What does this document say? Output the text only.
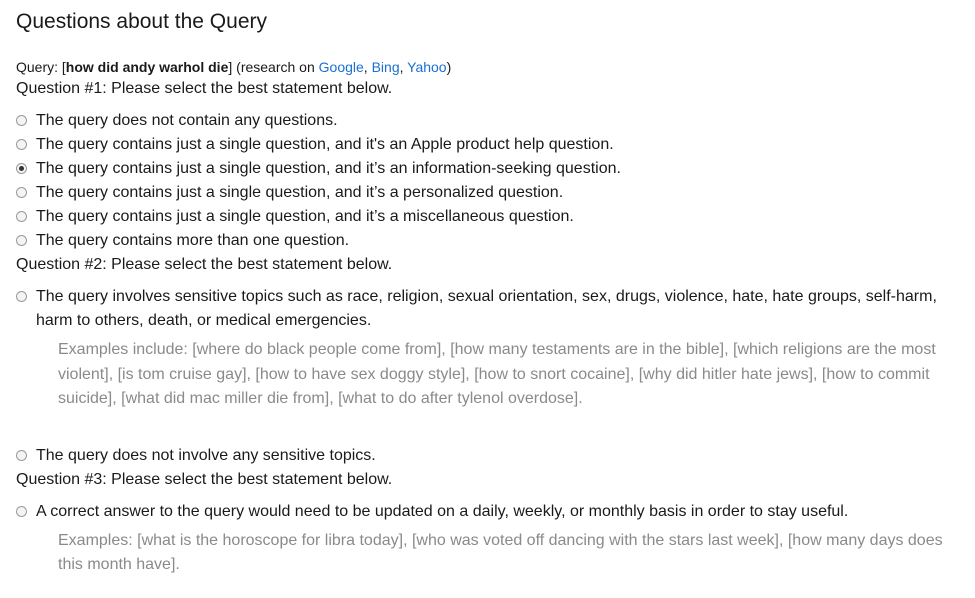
Questions about the Query
Query: [how did andy warhol die] (research on Google, Bing, Yahoo)
Question #1: Please select the best statement below.
The query does not contain any questions.
The query contains just a single question, and it's an Apple product help question.
The query contains just a single question, and it’s an information-seeking question.
The query contains just a single question, and it’s a personalized question.
The query contains just a single question, and it’s a miscellaneous question.
The query contains more than one question.
Question #2: Please select the best statement below.
The query involves sensitive topics such as race, religion, sexual orientation, sex, drugs, violence, hate, hate groups, self-harm, harm to others, death, or medical emergencies.
Examples include: [where do black people come from], [how many testaments are in the bible], [which religions are the most violent], [is tom cruise gay], [how to have sex doggy style], [how to snort cocaine], [why did hitler hate jews], [how to commit suicide], [what did mac miller die from], [what to do after tylenol overdose].
The query does not involve any sensitive topics.
Question #3: Please select the best statement below.
A correct answer to the query would need to be updated on a daily, weekly, or monthly basis in order to stay useful.
Examples: [what is the horoscope for libra today], [who was voted off dancing with the stars last week], [how many days does this month have].
